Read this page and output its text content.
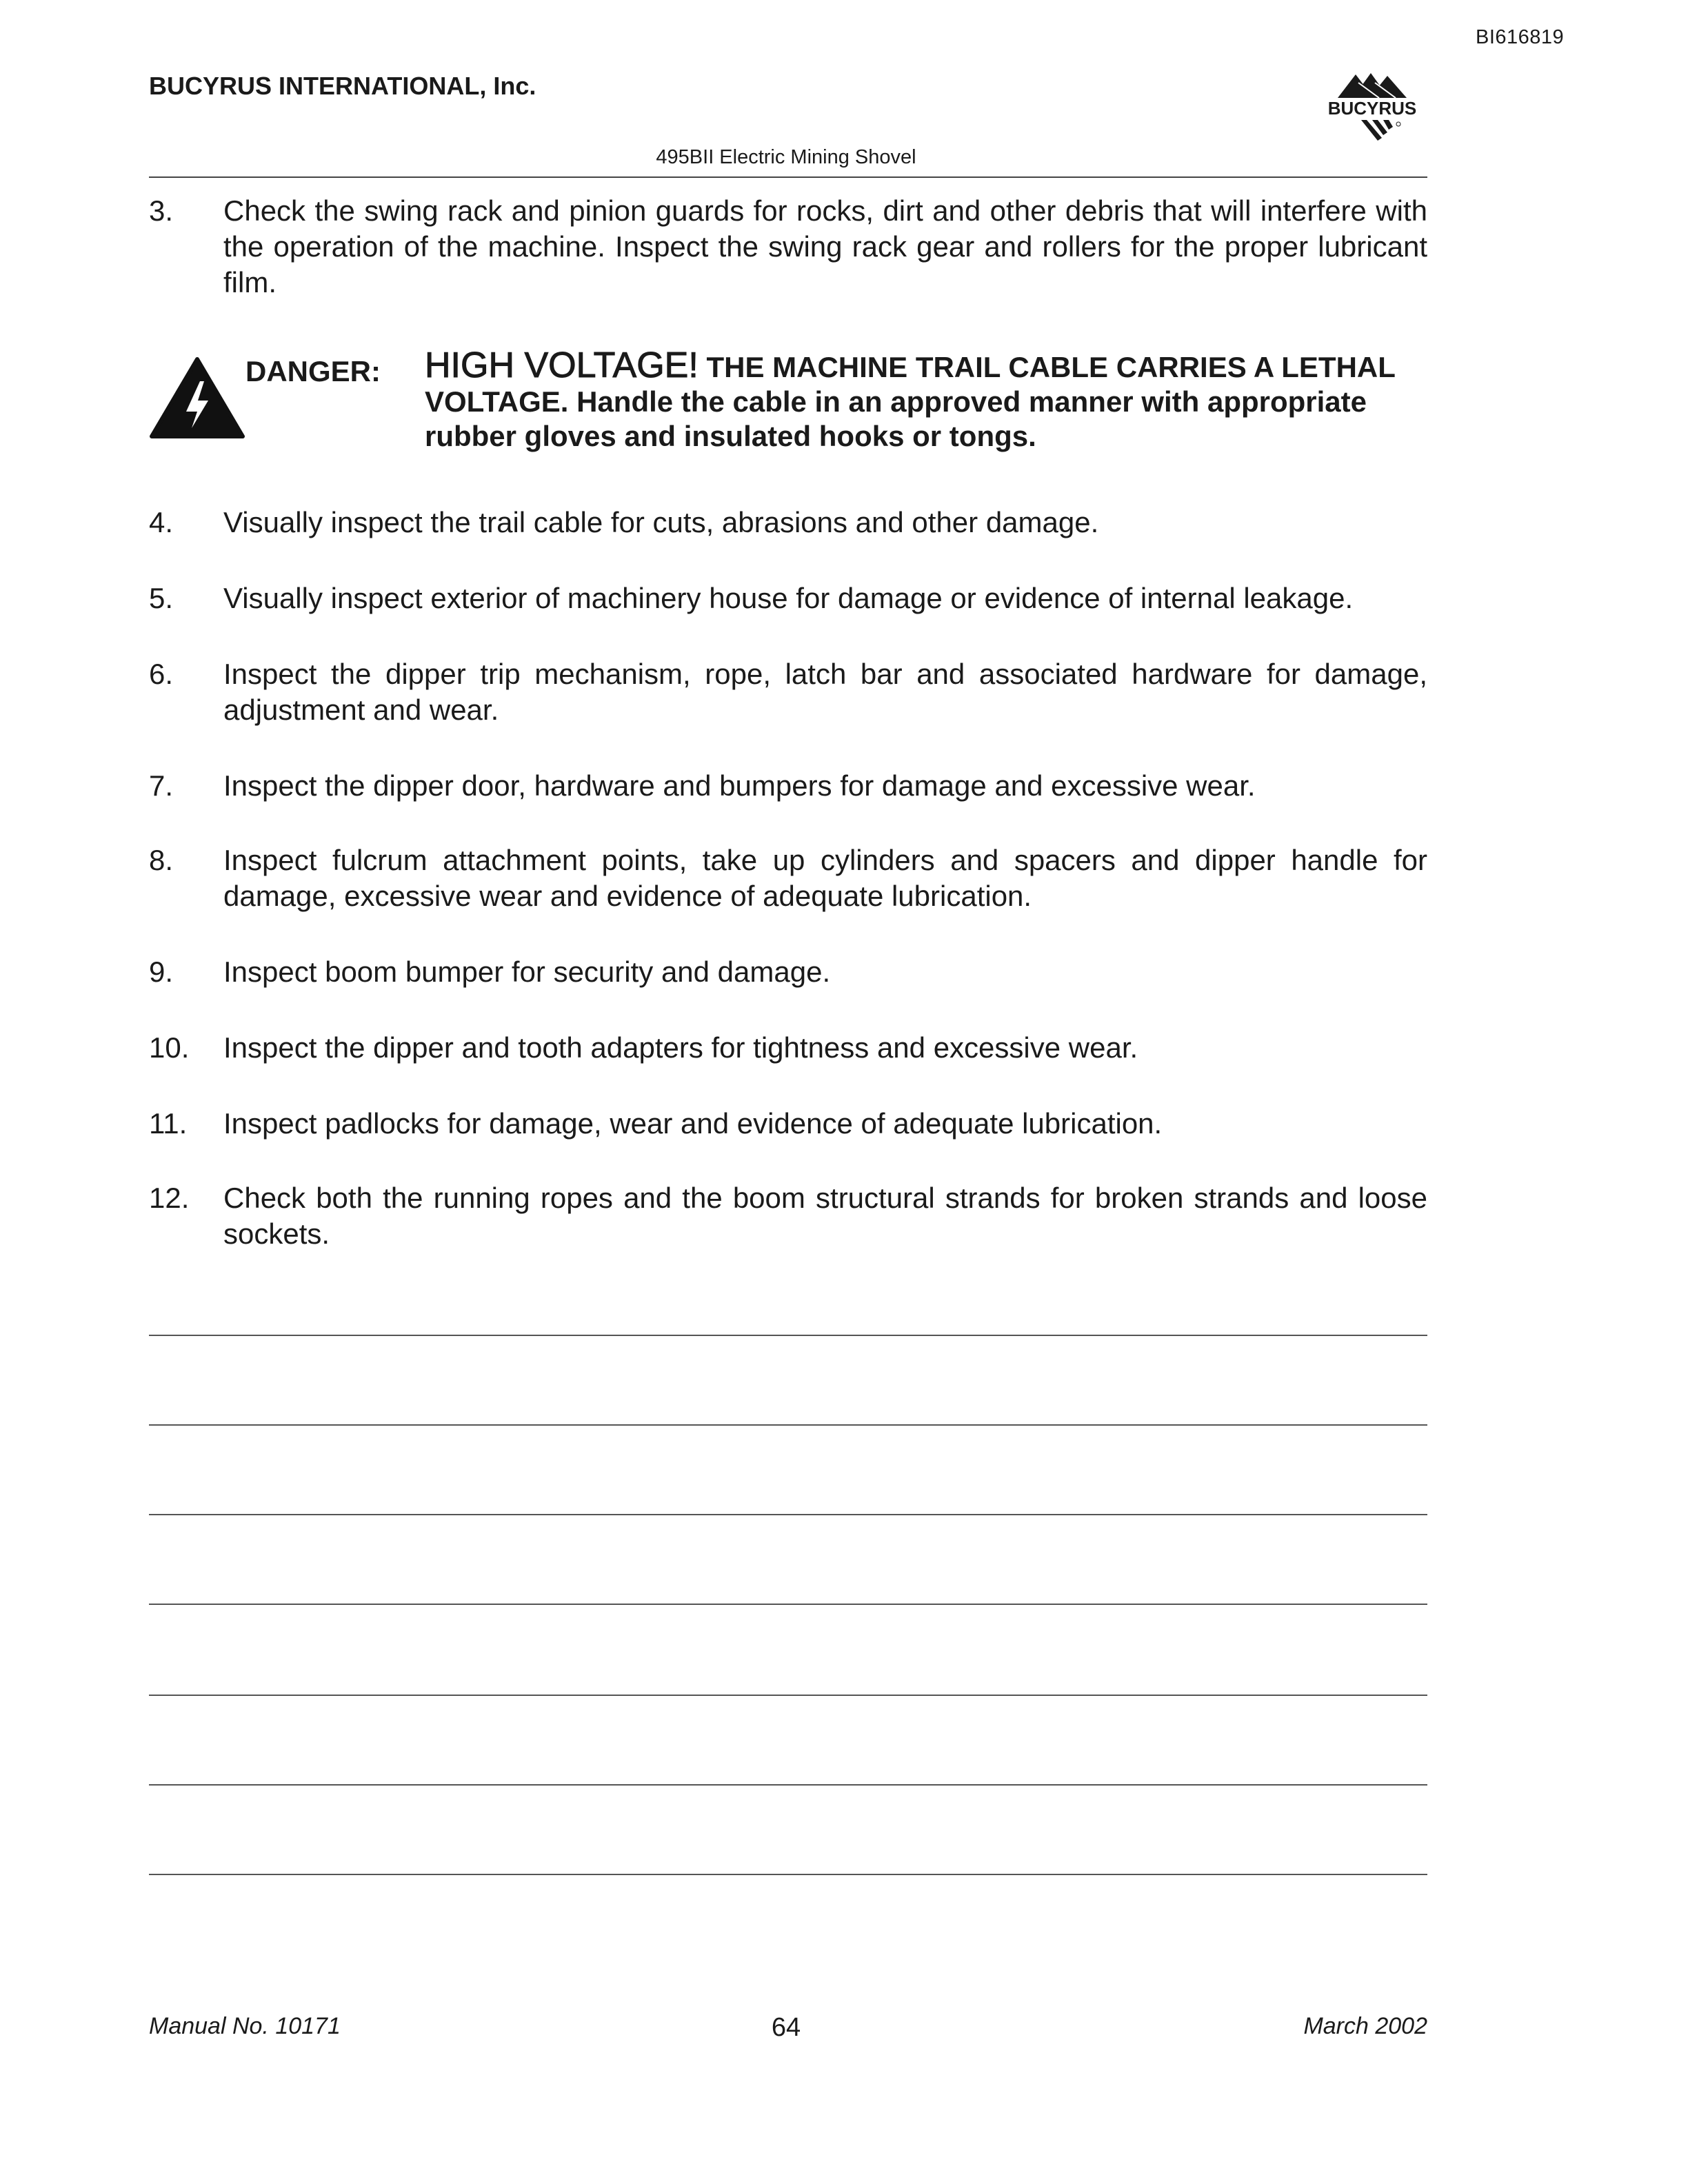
BI616819
BUCYRUS INTERNATIONAL, Inc.
BUCYRUS
495BII Electric Mining Shovel
3. Check the swing rack and pinion guards for rocks, dirt and other debris that will interfere with the operation of the machine. Inspect the swing rack gear and rollers for the proper lubricant film.
DANGER: HIGH VOLTAGE! THE MACHINE TRAIL CABLE CARRIES A LETHAL VOLTAGE. Handle the cable in an approved manner with appropriate rubber gloves and insulated hooks or tongs.
4. Visually inspect the trail cable for cuts, abrasions and other damage.
5. Visually inspect exterior of machinery house for damage or evidence of internal leakage.
6. Inspect the dipper trip mechanism, rope, latch bar and associated hardware for damage, adjustment and wear.
7. Inspect the dipper door, hardware and bumpers for damage and excessive wear.
8. Inspect fulcrum attachment points, take up cylinders and spacers and dipper handle for damage, excessive wear and evidence of adequate lubrication.
9. Inspect boom bumper for security and damage.
10. Inspect the dipper and tooth adapters for tightness and excessive wear.
11. Inspect padlocks for damage, wear and evidence of adequate lubrication.
12. Check both the running ropes and the boom structural strands for broken strands and loose sockets.
Manual No. 10171	64	March 2002
